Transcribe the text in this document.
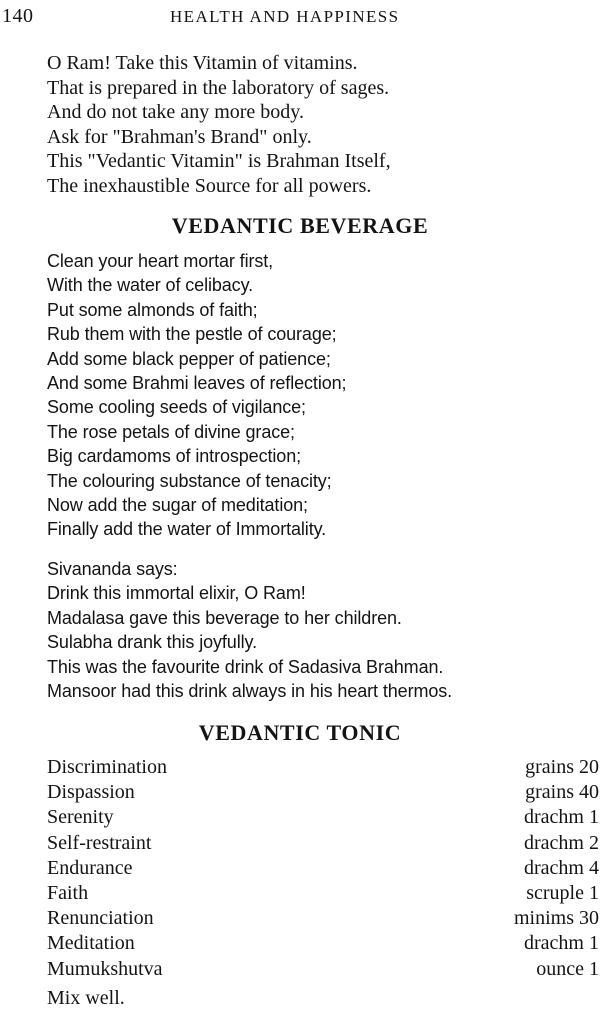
140	HEALTH AND HAPPINESS
O Ram! Take this Vitamin of vitamins.
That is prepared in the laboratory of sages.
And do not take any more body.
Ask for "Brahman's Brand" only.
This "Vedantic Vitamin" is Brahman Itself,
The inexhaustible Source for all powers.
VEDANTIC BEVERAGE
Clean your heart mortar first,
With the water of celibacy.
Put some almonds of faith;
Rub them with the pestle of courage;
Add some black pepper of patience;
And some Brahmi leaves of reflection;
Some cooling seeds of vigilance;
The rose petals of divine grace;
Big cardamoms of introspection;
The colouring substance of tenacity;
Now add the sugar of meditation;
Finally add the water of Immortality.
Sivananda says:
Drink this immortal elixir, O Ram!
Madalasa gave this beverage to her children.
Sulabha drank this joyfully.
This was the favourite drink of Sadasiva Brahman.
Mansoor had this drink always in his heart thermos.
VEDANTIC TONIC
Discrimination	grains 20
Dispassion	grains 40
Serenity	drachm 1
Self-restraint	drachm 2
Endurance	drachm 4
Faith	scruple 1
Renunciation	minims 30
Meditation	drachm 1
Mumukshutva	ounce 1
Mix well.
